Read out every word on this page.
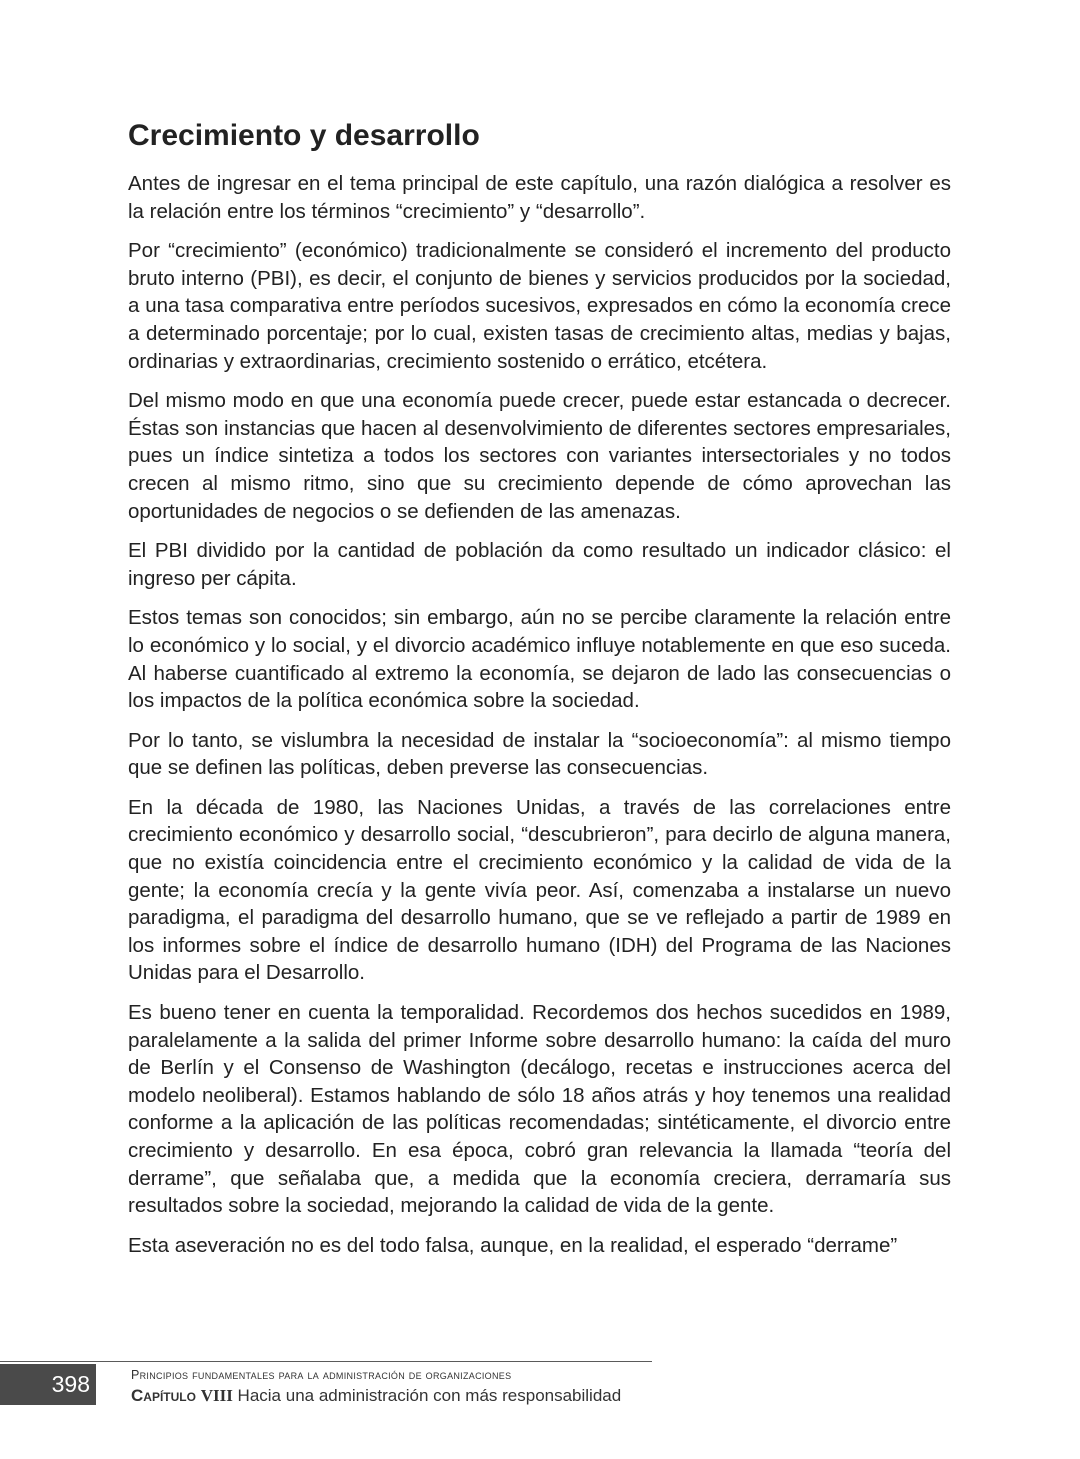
Crecimiento y desarrollo

Antes de ingresar en el tema principal de este capítulo, una razón dialógica a resolver es la relación entre los términos “crecimiento” y “desarrollo”.

Por “crecimiento” (económico) tradicionalmente se consideró el incremento del producto bruto interno (PBI), es decir, el conjunto de bienes y servicios producidos por la sociedad, a una tasa comparativa entre períodos sucesivos, expresados en cómo la economía crece a determinado porcentaje; por lo cual, existen tasas de crecimiento altas, medias y bajas, ordinarias y extraordinarias, crecimiento sostenido o errático, etcétera.

Del mismo modo en que una economía puede crecer, puede estar estancada o decrecer. Éstas son instancias que hacen al desenvolvimiento de diferentes sectores empresariales, pues un índice sintetiza a todos los sectores con variantes intersectoriales y no todos crecen al mismo ritmo, sino que su crecimiento depende de cómo aprovechan las oportunidades de negocios o se defienden de las amenazas.

El PBI dividido por la cantidad de población da como resultado un indicador clásico: el ingreso per cápita.

Estos temas son conocidos; sin embargo, aún no se percibe claramente la relación entre lo económico y lo social, y el divorcio académico influye notablemente en que eso suceda. Al haberse cuantificado al extremo la economía, se dejaron de lado las consecuencias o los impactos de la política económica sobre la sociedad.

Por lo tanto, se vislumbra la necesidad de instalar la “socioeconomía”: al mismo tiempo que se definen las políticas, deben preverse las consecuencias.

En la década de 1980, las Naciones Unidas, a través de las correlaciones entre crecimiento económico y desarrollo social, “descubrieron”, para decirlo de alguna manera, que no existía coincidencia entre el crecimiento económico y la calidad de vida de la gente; la economía crecía y la gente vivía peor. Así, comenzaba a instalarse un nuevo paradigma, el paradigma del desarrollo humano, que se ve reflejado a partir de 1989 en los informes sobre el índice de desarrollo humano (IDH) del Programa de las Naciones Unidas para el Desarrollo.

Es bueno tener en cuenta la temporalidad. Recordemos dos hechos sucedidos en 1989, paralelamente a la salida del primer Informe sobre desarrollo humano: la caída del muro de Berlín y el Consenso de Washington (decálogo, recetas e instrucciones acerca del modelo neoliberal). Estamos hablando de sólo 18 años atrás y hoy tenemos una realidad conforme a la aplicación de las políticas recomendadas; sintéticamente, el divorcio entre crecimiento y desarrollo. En esa época, cobró gran relevancia la llamada “teoría del derrame”, que señalaba que, a medida que la economía creciera, derramaría sus resultados sobre la sociedad, mejorando la calidad de vida de la gente.

Esta aseveración no es del todo falsa, aunque, en la realidad, el esperado “derrame”

398	Principios fundamentales para la administración de organizaciones
Capítulo VIII Hacia una administración con más responsabilidad
